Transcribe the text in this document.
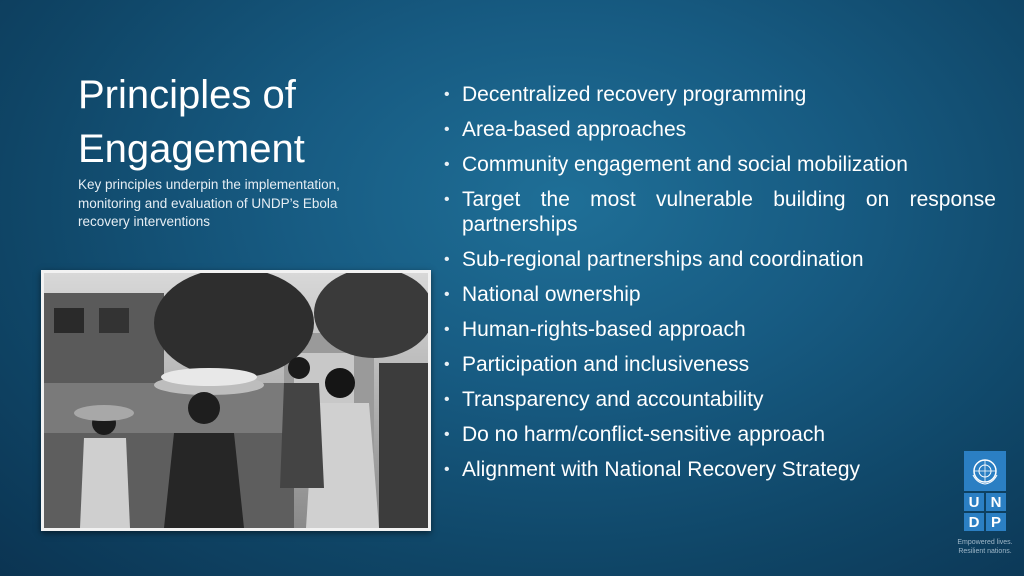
Principles of Engagement

Key principles underpin the implementation, monitoring and evaluation of UNDP’s Ebola recovery interventions

• Decentralized recovery programming
• Area-based approaches
• Community engagement and social mobilization
• Target the most vulnerable building on response partnerships
• Sub-regional partnerships and coordination
• National ownership
• Human-rights-based approach
• Participation and inclusiveness
• Transparency and accountability
• Do no harm/conflict-sensitive approach
• Alignment with National Recovery Strategy
U N
D P
Empowered lives. Resilient nations.
